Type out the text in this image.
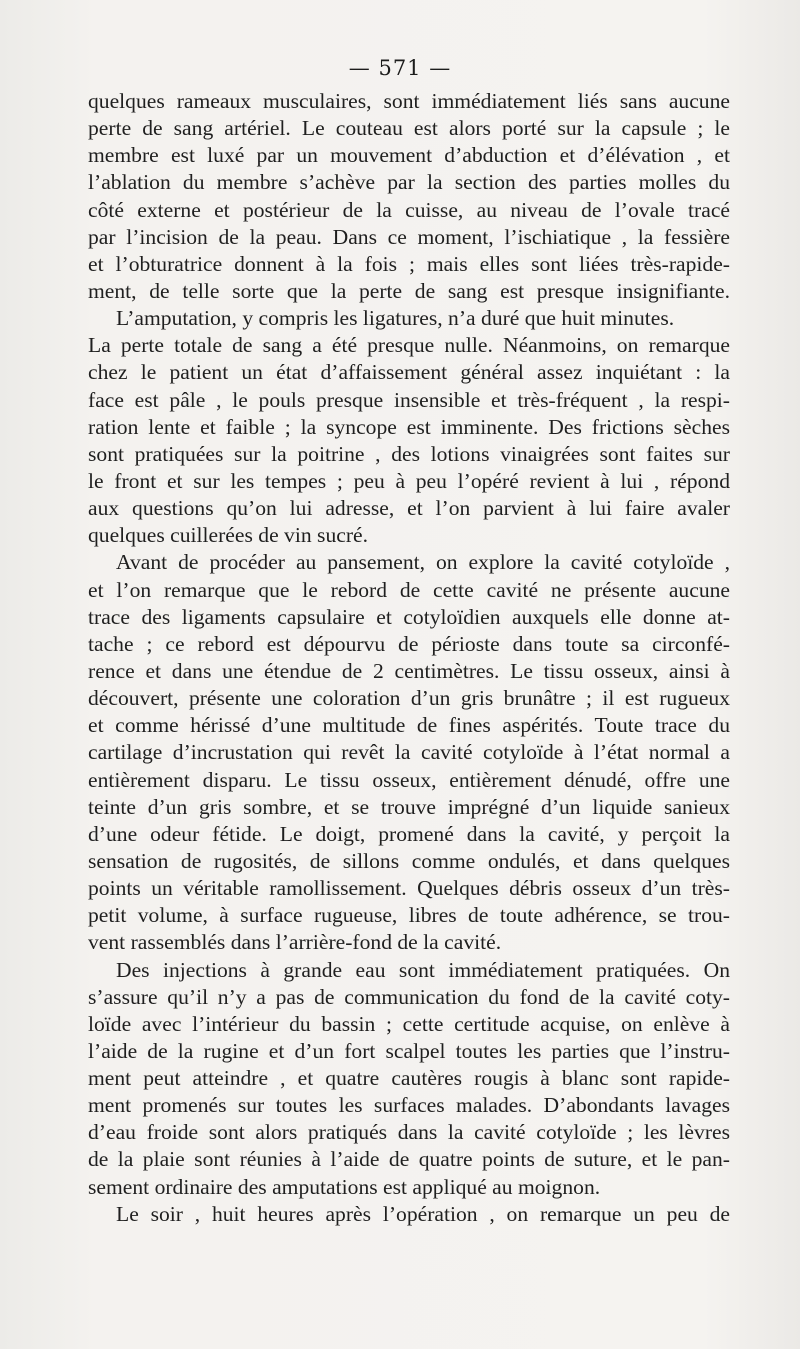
— 571 —
quelques rameaux musculaires, sont immédiatement liés sans aucune
perte de sang artériel. Le couteau est alors porté sur la capsule ; le
membre est luxé par un mouvement d’abduction et d’élévation , et
l’ablation du membre s’achève par la section des parties molles du
côté externe et postérieur de la cuisse, au niveau de l’ovale tracé
par l’incision de la peau. Dans ce moment, l’ischiatique , la fessière
et l’obturatrice donnent à la fois ; mais elles sont liées très-rapide-
ment, de telle sorte que la perte de sang est presque insignifiante.
L’amputation, y compris les ligatures, n’a duré que huit minutes.
La perte totale de sang a été presque nulle. Néanmoins, on remarque
chez le patient un état d’affaissement général assez inquiétant : la
face est pâle , le pouls presque insensible et très-fréquent , la respi-
ration lente et faible ; la syncope est imminente. Des frictions sèches
sont pratiquées sur la poitrine , des lotions vinaigrées sont faites sur
le front et sur les tempes ; peu à peu l’opéré revient à lui , répond
aux questions qu’on lui adresse, et l’on parvient à lui faire avaler
quelques cuillerées de vin sucré.
Avant de procéder au pansement, on explore la cavité cotyloïde ,
et l’on remarque que le rebord de cette cavité ne présente aucune
trace des ligaments capsulaire et cotyloïdien auxquels elle donne at-
tache ; ce rebord est dépourvu de périoste dans toute sa circonfé-
rence et dans une étendue de 2 centimètres. Le tissu osseux, ainsi à
découvert, présente une coloration d’un gris brunâtre ; il est rugueux
et comme hérissé d’une multitude de fines aspérités. Toute trace du
cartilage d’incrustation qui revêt la cavité cotyloïde à l’état normal a
entièrement disparu. Le tissu osseux, entièrement dénudé, offre une
teinte d’un gris sombre, et se trouve imprégné d’un liquide sanieux
d’une odeur fétide. Le doigt, promené dans la cavité, y perçoit la
sensation de rugosités, de sillons comme ondulés, et dans quelques
points un véritable ramollissement. Quelques débris osseux d’un très-
petit volume, à surface rugueuse, libres de toute adhérence, se trou-
vent rassemblés dans l’arrière-fond de la cavité.
Des injections à grande eau sont immédiatement pratiquées. On
s’assure qu’il n’y a pas de communication du fond de la cavité coty-
loïde avec l’intérieur du bassin ; cette certitude acquise, on enlève à
l’aide de la rugine et d’un fort scalpel toutes les parties que l’instru-
ment peut atteindre , et quatre cautères rougis à blanc sont rapide-
ment promenés sur toutes les surfaces malades. D’abondants lavages
d’eau froide sont alors pratiqués dans la cavité cotyloïde ; les lèvres
de la plaie sont réunies à l’aide de quatre points de suture, et le pan-
sement ordinaire des amputations est appliqué au moignon.
Le soir , huit heures après l’opération , on remarque un peu de
